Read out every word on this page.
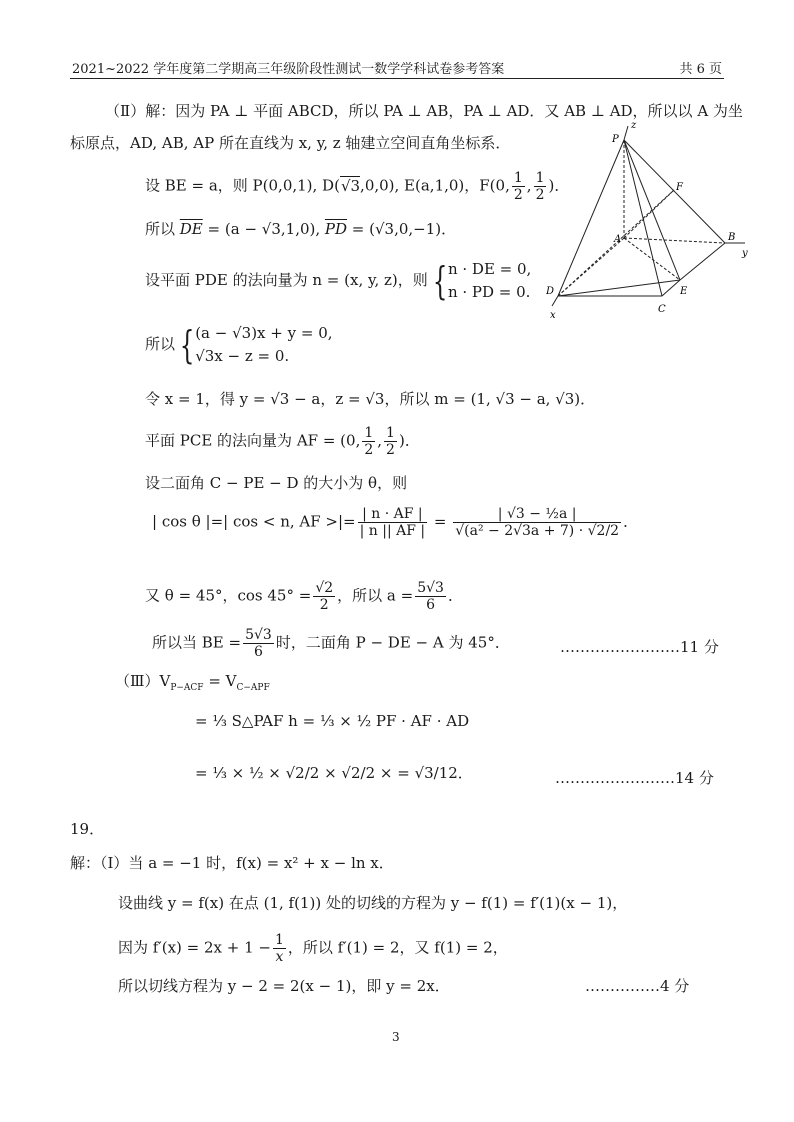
2021~2022 学年度第二学期高三年级阶段性测试一数学学科试卷参考答案	共 6 页
（Ⅱ）解：因为 PA ⊥ 平面 ABCD，所以 PA ⊥ AB，PA ⊥ AD．又 AB ⊥ AD，所以以 A 为坐
标原点，AD, AB, AP 所在直线为 x, y, z 轴建立空间直角坐标系．
设 BE = a，则 P(0,0,1), D(√3,0,0), E(a,1,0)，F(0, $\frac{1}{2}$ , $\frac{1}{2}$ )．
所以 $\overline{DE} = (a - √3,1,0)$, $\overline{PD} = (√3,0,-1)$．
设平面 PDE 的法向量为 n = (x, y, z)，则 { n · DE = 0,
n · PD = 0.
所以 { (a − √3)x + y = 0,
√3x − z = 0.
令 x = 1，得 y = √3 − a，z = √3，所以 m = (1, √3 − a, √3)．
平面 PCE 的法向量为 AF = (0, $\frac{1}{2}$ , $\frac{1}{2}$ )．
设二面角 C − PE − D 的大小为 θ，则
| cos θ |=| cos < n, AF >|= $\frac{| n \cdot AF |}{| n || AF |} = \frac{\text{| √3 − ½a |}}{\text{√(a² − 2√3a + 7) · √2/2}}$ ．
又 θ = 45°，$\cos 45^\circ = \frac{√2}{2}$ ，所以 $a = \frac{5√3}{6}$ ．
所以当 BE = $\frac{5√3}{6}$ 时，二面角 P − DE − A 为 45°．	……………………11 分
$(Ⅲ)V_{P-ACF} = V_{C-APF}$
= ⅓ S△PAF h = ⅓ × ½ PF · AF · AD
= ⅓ × ½ × √2/2 × √2/2 × = √3/12．	……………………14 分
19．
解：（Ⅰ）当 a = −1 时，f(x) = x² + x − ln x．
设曲线 y = f(x) 在点 (1, f(1)) 处的切线的方程为 y − f(1) = f′(1)(x − 1)，
因为 $f'(x) = 2x + 1 - \frac{1}{x}$ ，所以 f′(1) = 2，又 f(1) = 2，
所以切线方程为 y − 2 = 2(x − 1)，即 y = 2x．	……………4 分
3
P
z
F
A	B
y
D	E
C
x
